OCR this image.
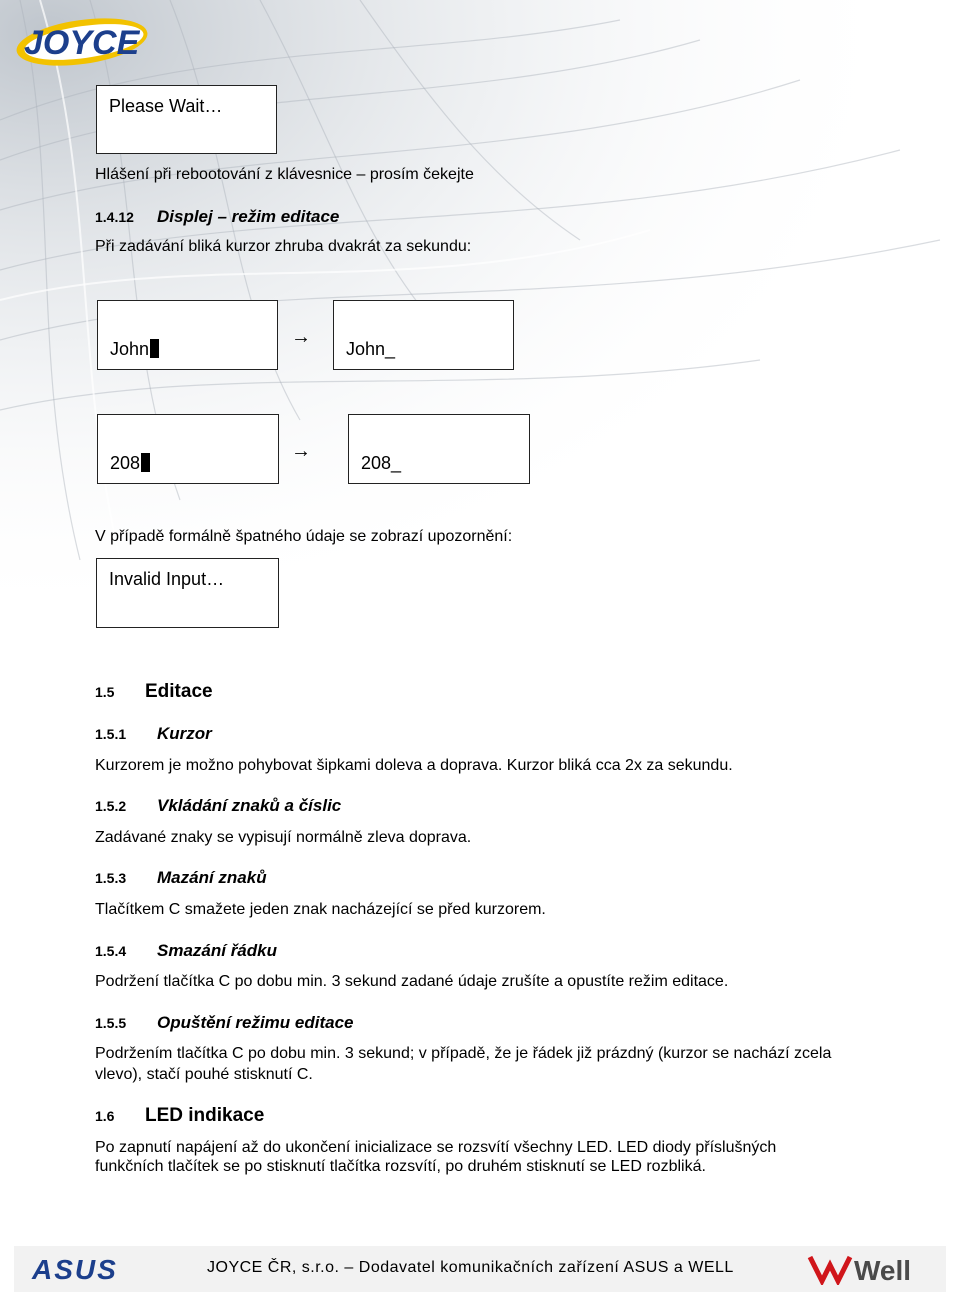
JOYCE
Please Wait…
Hlášení při rebootování z klávesnice – prosím čekejte
1.4.12 Displej – režim editace
Při zadávání bliká kurzor zhruba dvakrát za sekundu:
John
→
John_
208
→
208_
V případě formálně špatného údaje se zobrazí upozornění:
Invalid Input…
1.5 Editace
1.5.1 Kurzor
Kurzorem je možno pohybovat šipkami doleva a doprava. Kurzor bliká cca 2x za sekundu.
1.5.2 Vkládání znaků a číslic
Zadávané znaky se vypisují normálně zleva doprava.
1.5.3 Mazání znaků
Tlačítkem C smažete jeden znak nacházející se před kurzorem.
1.5.4 Smazání řádku
Podržení tlačítka C po dobu min. 3 sekund zadané údaje zrušíte a opustíte režim editace.
1.5.5 Opuštění režimu editace
Podržením tlačítka C po dobu min. 3 sekund; v případě, že je řádek již prázdný (kurzor se nachází zcela
vlevo), stačí pouhé stisknutí C.
1.6 LED indikace
Po zapnutí napájení až do ukončení inicializace se rozsvítí všechny LED. LED diody příslušných
funkčních tlačítek se po stisknutí tlačítka rozsvítí, po druhém stisknutí se LED rozbliká.
ASUS	JOYCE ČR, s.r.o. – Dodavatel komunikačních zařízení ASUS a WELL	Well
